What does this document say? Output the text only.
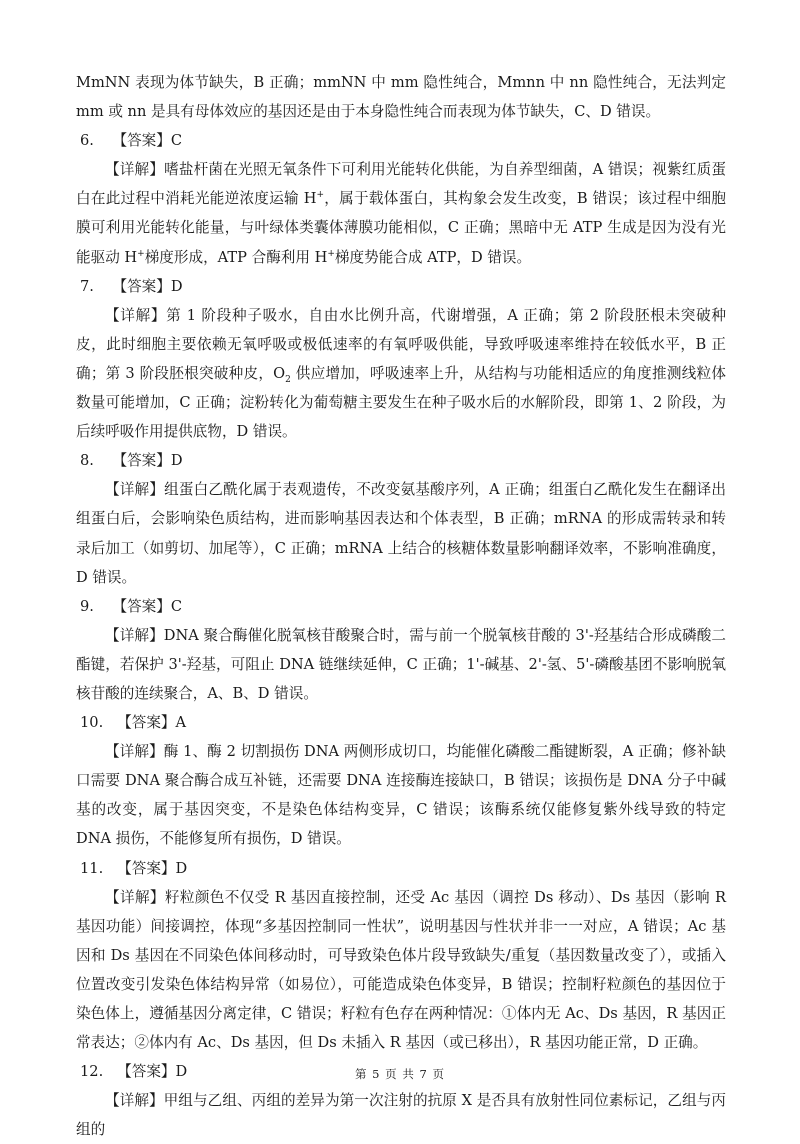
MmNN 表现为体节缺失，B 正确；mmNN 中 mm 隐性纯合，Mmnn 中 nn 隐性纯合，无法判定 mm 或 nn 是具有母体效应的基因还是由于本身隐性纯合而表现为体节缺失，C、D 错误。

6.    【答案】C

【详解】嗜盐杆菌在光照无氧条件下可利用光能转化供能，为自养型细菌，A 错误；视紫红质蛋白在此过程中消耗光能逆浓度运输 H+，属于载体蛋白，其构象会发生改变，B 错误；该过程中细胞膜可利用光能转化能量，与叶绿体类囊体薄膜功能相似，C 正确；黑暗中无 ATP 生成是因为没有光能驱动 H+梯度形成，ATP 合酶利用 H+梯度势能合成 ATP，D 错误。

7.    【答案】D

【详解】第 1 阶段种子吸水，自由水比例升高，代谢增强，A 正确；第 2 阶段胚根未突破种皮，此时细胞主要依赖无氧呼吸或极低速率的有氧呼吸供能，导致呼吸速率维持在较低水平，B 正确；第 3 阶段胚根突破种皮，$O_2$ 供应增加，呼吸速率上升，从结构与功能相适应的角度推测线粒体数量可能增加，C 正确；淀粉转化为葡萄糖主要发生在种子吸水后的水解阶段，即第 1、2 阶段，为后续呼吸作用提供底物，D 错误。

8.    【答案】D

【详解】组蛋白乙酰化属于表观遗传，不改变氨基酸序列，A 正确；组蛋白乙酰化发生在翻译出组蛋白后，会影响染色质结构，进而影响基因表达和个体表型，B 正确；mRNA 的形成需转录和转录后加工（如剪切、加尾等），C 正确；mRNA 上结合的核糖体数量影响翻译效率，不影响准确度，D 错误。

9.    【答案】C

【详解】DNA 聚合酶催化脱氧核苷酸聚合时，需与前一个脱氧核苷酸的 3'-羟基结合形成磷酸二酯键，若保护 3'-羟基，可阻止 DNA 链继续延伸，C 正确；1'-碱基、2'-氢、5'-磷酸基团不影响脱氧核苷酸的连续聚合，A、B、D 错误。

10.   【答案】A

【详解】酶 1、酶 2 切割损伤 DNA 两侧形成切口，均能催化磷酸二酯键断裂，A 正确；修补缺口需要 DNA 聚合酶合成互补链，还需要 DNA 连接酶连接缺口，B 错误；该损伤是 DNA 分子中碱基的改变，属于基因突变，不是染色体结构变异，C 错误；该酶系统仅能修复紫外线导致的特定 DNA 损伤，不能修复所有损伤，D 错误。

11.   【答案】D

【详解】籽粒颜色不仅受 R 基因直接控制，还受 Ac 基因（调控 Ds 移动）、Ds 基因（影响 R 基因功能）间接调控，体现“多基因控制同一性状”，说明基因与性状并非一一对应，A 错误；Ac 基因和 Ds 基因在不同染色体间移动时，可导致染色体片段导致缺失/重复（基因数量改变了），或插入位置改变引发染色体结构异常（如易位），可能造成染色体变异，B 错误；控制籽粒颜色的基因位于染色体上，遵循基因分离定律，C 错误；籽粒有色存在两种情况：①体内无 Ac、Ds 基因，R 基因正常表达；②体内有 Ac、Ds 基因，但 Ds 未插入 R 基因（或已移出），R 基因功能正常，D 正确。

12.   【答案】D

【详解】甲组与乙组、丙组的差异为第一次注射的抗原 X 是否具有放射性同位素标记，乙组与丙组的

第 5 页 共 7 页
